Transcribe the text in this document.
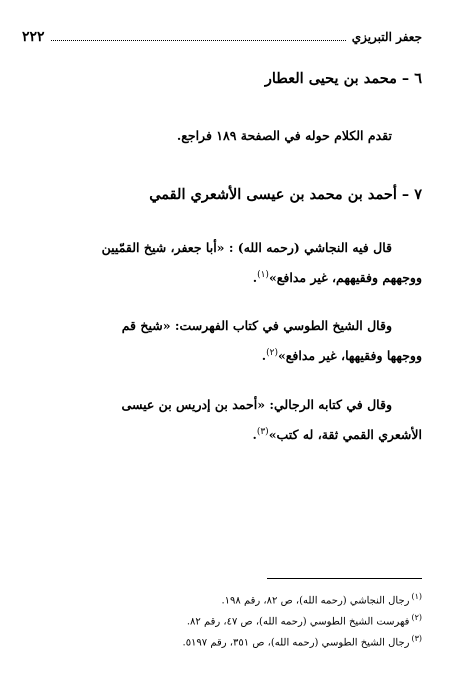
جعفر التبريزي
٢٢٢
٦ – محمد بن يحيى العطار
تقدم الكلام حوله في الصفحة ١٨٩ فراجع.
٧ – أحمد بن محمد بن عيسى الأشعري القمي
قال فيه النجاشي (رحمه الله) : «أبا جعفر، شيخ القمّيين
ووجههم وفقيههم، غير مدافع»$^{(١)}$.
وقال الشيخ الطوسي في كتاب الفهرست: «شيخ قم
ووجهها وفقيهها، غير مدافع»$^{(٢)}$.
وقال في كتابه الرجالي: «أحمد بن إدريس بن عيسى
الأشعري القمي ثقة، له كتب»$^{(٣)}$.
$^{(١)}$رجال النجاشي (رحمه الله)، ص ٨٢، رقم ١٩٨.
$^{(٢)}$فهرست الشيخ الطوسي (رحمه الله)، ص ٤٧، رقم ٨٢.
$^{(٣)}$رجال الشيخ الطوسي (رحمه الله)، ص ٣٥١، رقم ٥١٩٧.
